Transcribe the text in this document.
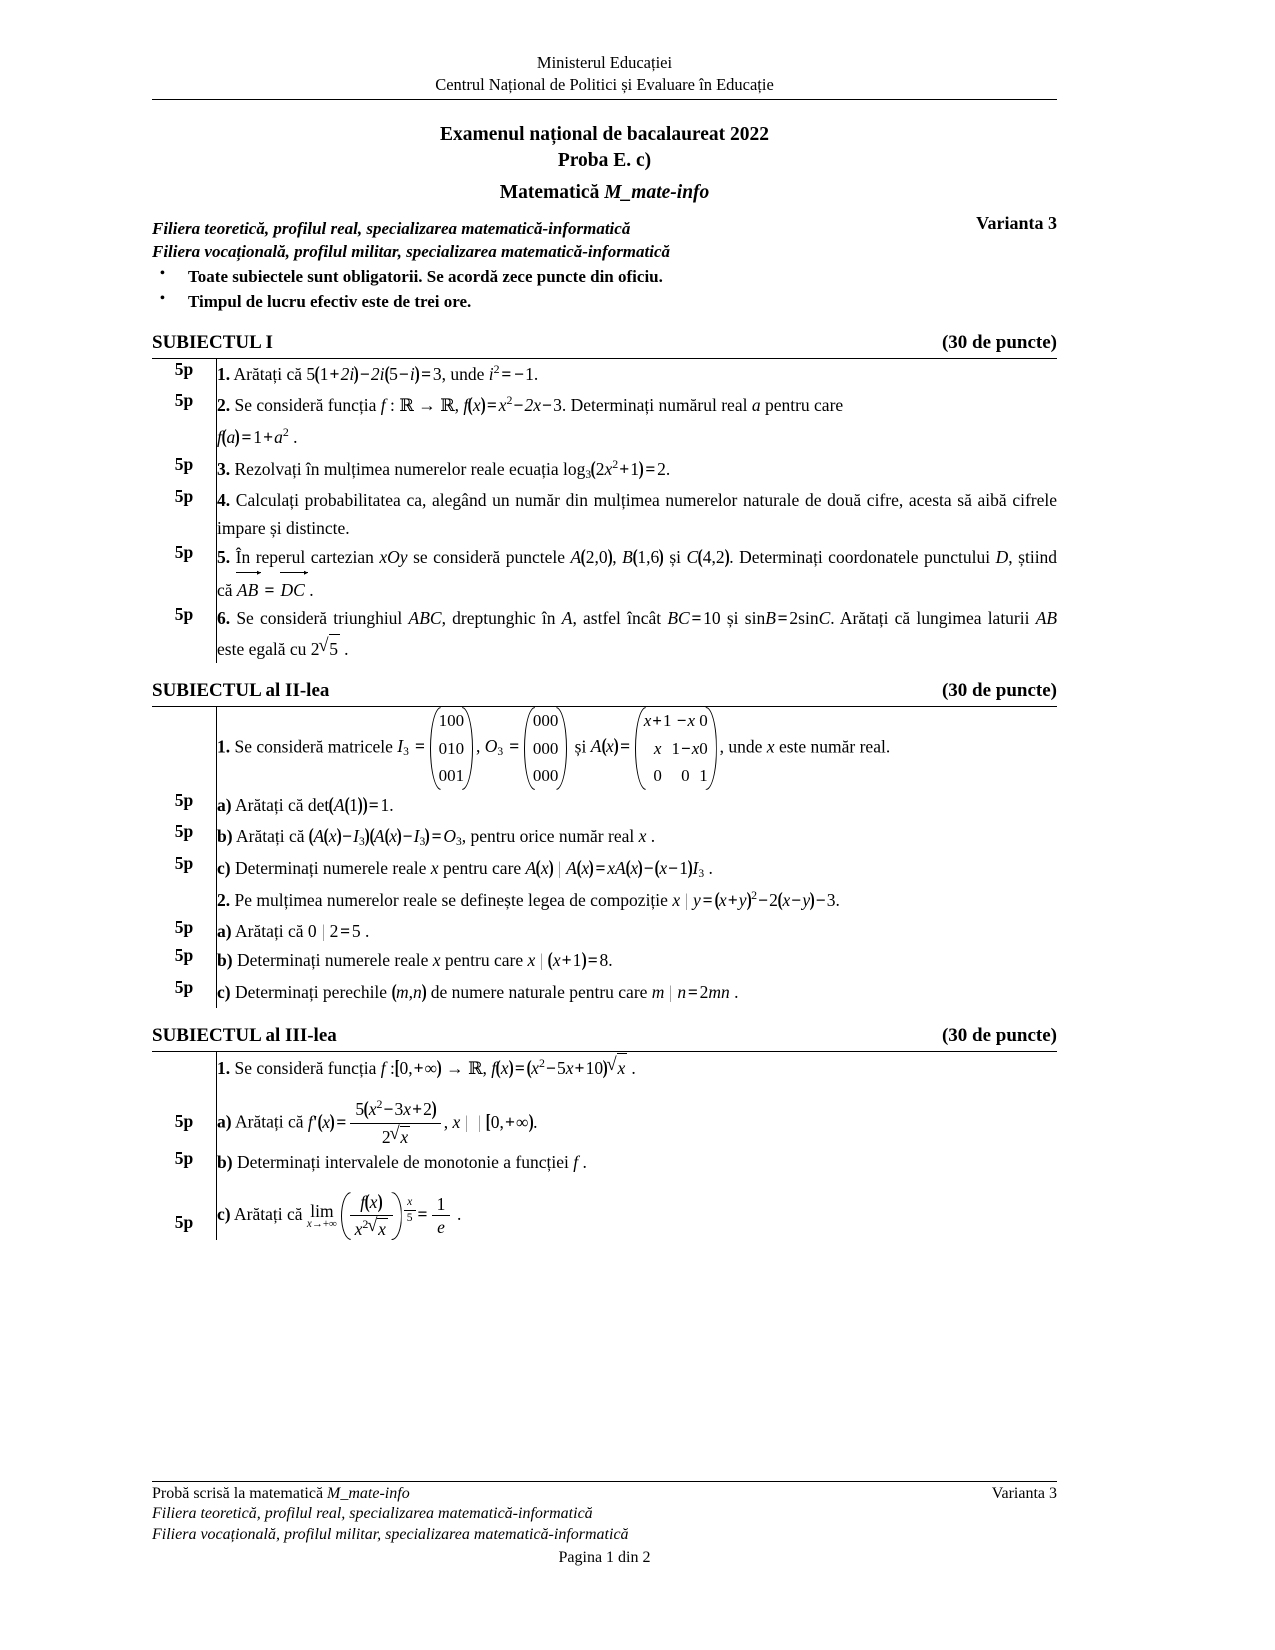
Ministerul Educației
Centrul Național de Politici și Evaluare în Educație
Examenul național de bacalaureat 2022
Proba E. c)
Matematică M_mate-info
Varianta 3
Filiera teoretică, profilul real, specializarea matematică-informatică
Filiera vocațională, profilul militar, specializarea matematică-informatică
• Toate subiectele sunt obligatorii. Se acordă zece puncte din oficiu.
• Timpul de lucru efectiv este de trei ore.
SUBIECTUL I	(30 de puncte)
5p	1. Arătați că 5(1+2i)−2i(5−i)= 3, unde $i^2 = -1$.
5p	2. Se consideră funcția f : ℝ → ℝ, $f(x)= x^2-2x-3$. Determinați numărul real a pentru care
$f(a)= 1+a^2$ .
5p	3. Rezolvați în mulțimea numerelor reale ecuația $\log_3(2x^2+1)= 2$.
5p	4. Calculați probabilitatea ca, alegând un număr din mulțimea numerelor naturale de două cifre, acesta să aibă cifrele impare și distincte.
5p	5. În reperul cartezian xOy se consideră punctele A(2,0), B(1,6) și C(4,2). Determinați coordonatele punctului D, știind că AB = DC .
5p	6. Se consideră triunghiul ABC, dreptunghic în A, astfel încât BC = 10 și sinB = 2sinC. Arătați că lungimea laturii AB este egală cu 2 √ 5 .
SUBIECTUL al II-lea	(30 de puncte)
	1. Se consideră matricele $I_3$ =
1	0	0
0	1	0
0	0	1
, $O_3$ =
0	0	0
0	0	0
0	0	0
și A(x)=
x+1	−x	0
x	1−x	0
0	0	1
, unde x este număr real.
5p	a) Arătați că det(A(1))= 1.
5p	b) Arătați că $(A(x)-I_3)(A(x)-I_3)= O_3$, pentru orice număr real x .
5p	c) Determinați numerele reale x pentru care A(x) | $A(x)= xA(x)-(x-1)I_3$ .
	2. Pe mulțimea numerelor reale se definește legea de compoziție x | $y =(x+y)^2-2(x-y)-3$.
5p	a) Arătați că 0 | 2 = 5 .
5p	b) Determinați numerele reale x pentru care x | (x+1)= 8.
5p	c) Determinați perechile (m,n) de numere naturale pentru care m | n = 2mn .
SUBIECTUL al III-lea	(30 de puncte)
	1. Se consideră funcția f :[0,+∞) → ℝ, $f(x)=(x^2-5x+10)$ √ x .
5p	a) Arătați că $f'(x)= \frac{5(x^2-3x+2)}{2 √ x}$ , x | | [0,+∞).
5p	b) Determinați intervalele de monotonie a funcției f .
5p	c) Arătați că lim
$x\to+\infty \frac{f(x)}{x^2 √ x} \frac{x}{5} = \frac{1}{e}$ .
Probă scrisă la matematică M_mate-info	Varianta 3
Filiera teoretică, profilul real, specializarea matematică-informatică
Filiera vocațională, profilul militar, specializarea matematică-informatică
Pagina 1 din 2
